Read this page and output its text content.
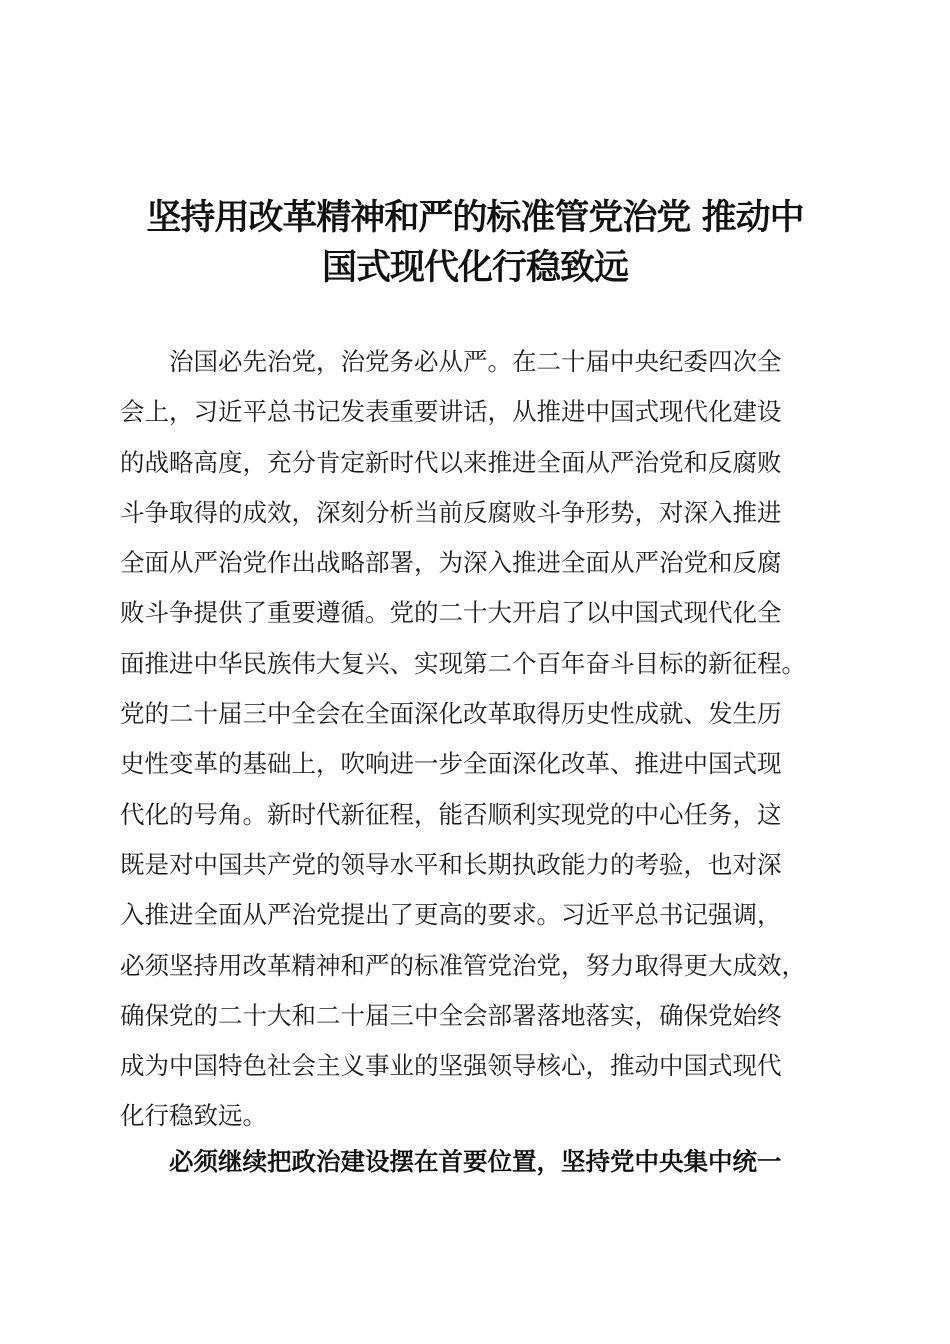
坚持用改革精神和严的标准管党治党 推动中
国式现代化行稳致远
治国必先治党，治党务必从严。在二十届中央纪委四次全
会上，习近平总书记发表重要讲话，从推进中国式现代化建设
的战略高度，充分肯定新时代以来推进全面从严治党和反腐败
斗争取得的成效，深刻分析当前反腐败斗争形势，对深入推进
全面从严治党作出战略部署，为深入推进全面从严治党和反腐
败斗争提供了重要遵循。党的二十大开启了以中国式现代化全
面推进中华民族伟大复兴、实现第二个百年奋斗目标的新征程。
党的二十届三中全会在全面深化改革取得历史性成就、发生历
史性变革的基础上，吹响进一步全面深化改革、推进中国式现
代化的号角。新时代新征程，能否顺利实现党的中心任务，这
既是对中国共产党的领导水平和长期执政能力的考验，也对深
入推进全面从严治党提出了更高的要求。习近平总书记强调，
必须坚持用改革精神和严的标准管党治党，努力取得更大成效，
确保党的二十大和二十届三中全会部署落地落实，确保党始终
成为中国特色社会主义事业的坚强领导核心，推动中国式现代
化行稳致远。
必须继续把政治建设摆在首要位置，坚持党中央集中统一
